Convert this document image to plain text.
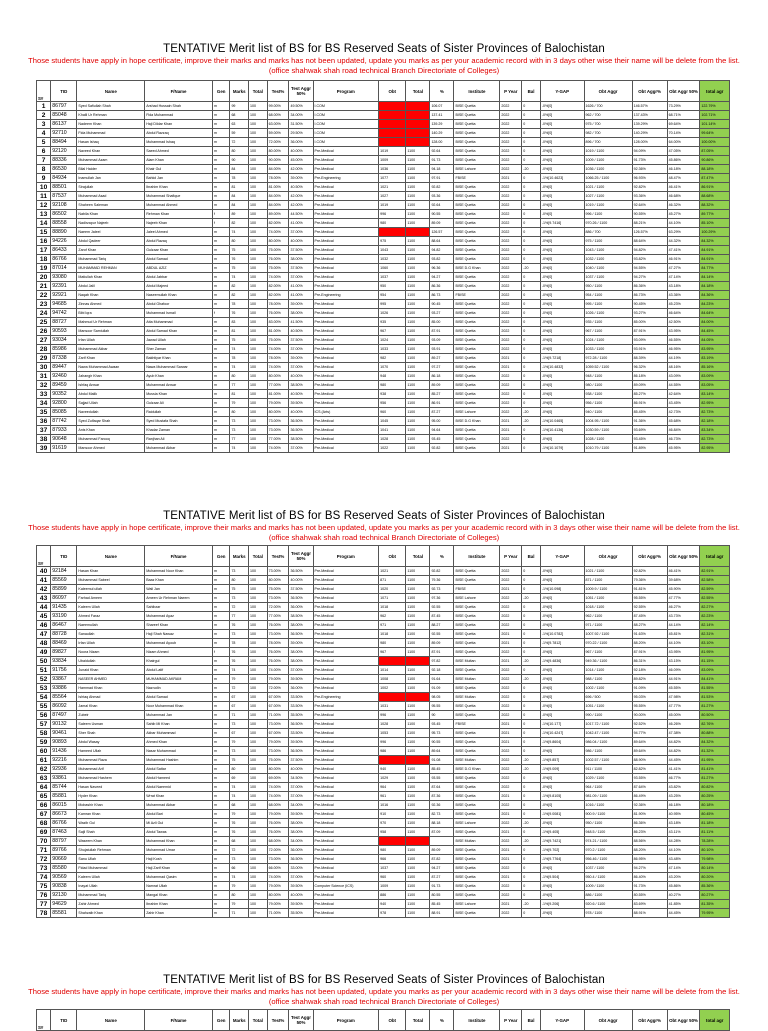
TENTATIVE Merit list of BS for BS Reserved Seats of Sister Provinces of Balochistan
Those students have apply in hope certificate, improve their marks and marks has not been updated, update you marks as per your academic record with in 3 days other wise their name will be delete from the list.
(office shahwak shah road technical Branch Directoriate of Colleges)
S#	TID	Name	F/Name	Gen	Marks	Total	Test%	Test Aggr 50%	Program	Obt	Total	%	Institute	P Year	Bal	Y-GAP	Obt Aggr	Obt Aggr%	Obt Aggr 50%	total agr
1	86797	Syed Safiullah Shah	Arshad Hussain Shah	m	99	100	99.00%	49.50%	I.COM			106.07	BISE Quetta	2022	0	-0%[0]	1626 / 700	146.57%	73.29%	122.79%
2	85048	Khalil Ur Rehman	Fida Muhammad	m	68	100	68.00%	34.00%	I.COM			137.41	BISE Quetta	2022	0	-0%[0]	962 / 700	137.43%	68.71%	102.71%
3	86137	Nadeem Khan	Haji Dildar Khan	m	63	100	63.00%	31.50%	I.COM			139.29	BISE Quetta	2022	0	-0%[0]	975 / 700	139.29%	69.64%	101.14%
4	92710	Fida Muhammad	Abdul Razzaq	m	59	100	59.00%	29.50%	I.COM			140.29	BISE Quetta	2022	0	-0%[0]	982 / 700	140.29%	70.14%	99.64%
5	88494	Hasan Ishaq	Muhammad Ishaq	m	72	100	72.00%	36.00%	I.COM			128.00	BISE Quetta	2022	0	-0%[0]	896 / 700	128.00%	64.00%	100.00%
6	92120	Naveed Khan	Saeed Ahmed	m	80	100	80.00%	40.00%	Pre-Medical	1019	1100	92.64	BISE Quetta	2022	0	-0%[0]	1019 / 1100	94.09%	47.05%	87.05%
7	88336	Muhammad Azam	Alam Khan	m	90	100	90.00%	45.00%	Pre-Medical	1009	1100	91.73	BISE Quetta	2022	0	-0%[0]	1009 / 1100	91.73%	45.86%	90.86%
8	86530	Bilal Haider	Khair Gul	m	84	100	84.00%	42.00%	Pre-Medical	1036	1100	94.18	BISE Lahore	2022	-20	-0%[0]	1036 / 1100	92.36%	46.18%	88.18%
9	84934	Inamullah Jan	Bahlol Jan	m	78	100	78.00%	39.00%	Pre-Engineering	1077	1100	97.91	FBISE	2021	0	-1%[10.4623]	1066.25 / 1100	96.93%	48.47%	87.47%
10	88501	Sirajullah	Ibrahim Khan	m	81	100	81.00%	40.50%	Pre-Medical	1021	1100	92.82	BISE Quetta	2022	0	-0%[0]	1021 / 1100	92.82%	46.41%	86.91%
11	87537	Muhammad Asad	Muhammad Shafique	m	84	100	84.00%	42.00%	Pre-Medical	1027	1100	93.36	BISE Quetta	2022	0	-0%[0]	1027 / 1100	93.36%	46.68%	88.68%
12	92108	Shaheen Saleman	Muhammad Ahmed	m	84	100	84.00%	42.00%	Pre-Medical	1019	1100	92.64	BISE Quetta	2022	0	-0%[0]	1019 / 1100	92.64%	46.32%	88.32%
13	86502	Nabila Khan	Rehman Khan	f	89	100	89.00%	44.50%	Pre-Medical	996	1100	90.55	BISE Quetta	2022	0	-0%[0]	996 / 1100	90.55%	45.27%	89.77%
14	88558	Nadirzapur Najeeb	Najeeb Khan	f	82	100	82.00%	41.00%	Pre-Medical	980	1100	89.09	BISE Quetta	2022	0	-1%[9.7416]	970.26 / 1100	88.21%	44.10%	85.10%
15	88890	Naeem Jaleel	Jaleel Ahmed	m	74	100	74.00%	37.00%	Pre-Medical			126.57	BISE Quetta	2022	0	-0%[0]	886 / 700	126.57%	63.29%	100.29%
16	94226	Abdul Qadeer	Abdul Razaq	m	80	100	80.00%	40.00%	Pre-Medical	975	1100	88.64	BISE Quetta	2022	0	-0%[0]	975 / 1100	88.64%	44.32%	84.32%
17	86433	Zarof Khan	Gulzaar Khan	m	75	100	75.00%	37.50%	Pre-Medical	1043	1100	94.82	BISE Quetta	2022	0	-0%[0]	1043 / 1100	94.82%	47.41%	84.91%
18	86766	Muhammad Tariq	Abdul Samad	m	76	100	76.00%	38.00%	Pre-Medical	1032	1100	93.82	BISE Quetta	2022	0	-0%[0]	1032 / 1100	93.82%	46.91%	84.91%
19	87014	MUHAMMAD REHMAN	ABDUL AZIZ	m	75	100	75.00%	37.50%	Pre-Medical	1060	1100	96.36	BISE D.G Khan	2022	-20	-0%[0]	1040 / 1100	94.55%	47.27%	84.77%
20	93080	Matiullah Khan	Abdul Jabbar	m	74	100	74.00%	37.00%	Pre-Medical	1037	1100	94.27	BISE Quetta	2022	0	-0%[0]	1037 / 1100	94.27%	47.14%	84.14%
21	92391	Abdul Jalil	Abdul Majeed	m	82	100	82.00%	41.00%	Pre-Medical	950	1100	86.36	BISE Quetta	2022	0	-0%[0]	950 / 1100	86.36%	43.18%	84.18%
22	92921	Naqab Khan	Naseemullah Khan	m	82	100	82.00%	41.00%	Pre-Engineering	954	1100	86.73	FBISE	2022	0	-0%[0]	954 / 1100	86.73%	43.36%	84.36%
23	94685	Zinnas Ahmed	Abdul Ghafoor	m	78	100	78.00%	39.00%	Pre-Medical	995	1100	90.45	BISE Quetta	2022	0	-0%[0]	995 / 1100	90.45%	45.23%	84.23%
24	94742	Bibi Iqra	Muhammad Ismail	f	76	100	76.00%	38.00%	Pre-Medical	1026	1100	93.27	BISE Quetta	2022	0	-0%[0]	1026 / 1100	93.27%	46.64%	84.64%
25	88727	Mahmud Ur Rehman	Atta Muhammad	m	83	100	83.00%	41.50%	Pre-Medical	935	1100	85.00	BISE Quetta	2022	0	-0%[0]	935 / 1100	85.00%	42.50%	84.00%
26	90593	Mansoor Samiullah	Abdul Samad Khan	m	81	100	81.00%	40.50%	Pre-Medical	967	1100	87.91	BISE Quetta	2022	0	-0%[0]	967 / 1100	87.91%	43.95%	84.45%
27	93034	Irfan Ullah	Jawad Ullah	m	75	100	75.00%	37.50%	Pre-Medical	1024	1100	93.09	BISE Quetta	2022	0	-0%[0]	1024 / 1100	93.09%	46.55%	84.05%
28	85986	Muhammad Akbar	Sher Zaman	m	74	100	74.00%	37.00%	Pre-Medical	1033	1100	93.91	BISE Quetta	2022	0	-0%[0]	1033 / 1100	93.91%	46.95%	83.95%
29	87338	Zarif Khan	Bakhtiyar Khan	m	78	100	78.00%	39.00%	Pre-Medical	982	1100	89.27	BISE Quetta	2021	0	-1%[9.7218]	972.28 / 1100	88.39%	44.19%	83.19%
30	89447	Nawa Muhammad Awaan	Nawa Muhammad Sarwar	m	74	100	74.00%	37.00%	Pre-Medical	1070	1100	97.27	BISE Quetta	2021	0	-1%[10.4832]	1059.52 / 1100	96.32%	48.16%	85.16%
31	92460	Jahangir Khan	Ayub Khan	m	80	100	80.00%	40.00%	Pre-Medical	948	1100	86.18	BISE Quetta	2022	0	-0%[0]	948 / 1100	86.18%	43.09%	83.09%
32	89459	Ishfaq Anwar	Muhammad Anwar	m	77	100	77.00%	38.50%	Pre-Medical	980	1100	89.09	BISE Quetta	2022	0	-0%[0]	980 / 1100	89.09%	44.55%	83.05%
33	90352	Abdul Malik	Mussia Khan	m	81	100	81.00%	40.50%	Pre-Medical	938	1100	85.27	BISE Quetta	2022	0	-0%[0]	938 / 1100	85.27%	42.64%	83.14%
34	92800	Sajjad Ullah	Gulzaar Ali	m	79	100	79.00%	39.50%	Pre-Medical	956	1100	86.91	BISE Quetta	2022	0	-0%[0]	956 / 1100	86.91%	43.45%	82.95%
35	85085	Naveedullah	Raidullah	m	80	100	80.00%	40.00%	ICS (Arts)	960	1100	87.27	BISE Lahore	2022	-20	-0%[0]	940 / 1100	85.45%	42.73%	82.73%
36	87742	Syed Zulfaqar Shah	Syed Mustafa Shah	m	73	100	73.00%	36.50%	Pre-Medical	1045	1100	95.00	BISE D.G Khan	2021	-20	-1%[10.0465]	1004.95 / 1100	91.36%	45.68%	82.18%
37	87933	Anis Khan	Khadar Zaman	m	73	100	73.00%	36.50%	Pre-Medical	1041	1100	94.64	BISE Quetta	2021	0	-1%[10.4136]	1030.59 / 1100	93.69%	46.84%	83.34%
38	90648	Muhammad Farooq	Ranjhan Ali	m	77	100	77.00%	38.50%	Pre-Medical	1028	1100	93.45	BISE Quetta	2022	0	-0%[0]	1028 / 1100	93.45%	46.73%	82.73%
39	91619	Mansoor Ahmed	Muhammad Akbar	m	74	100	74.00%	37.00%	Pre-Medical	1022	1100	92.82	BISE Quetta	2021	0	-1%[10.1079]	1010.79 / 1100	91.89%	45.95%	82.95%
TENTATIVE Merit list of BS for BS Reserved Seats of Sister Provinces of Balochistan
Those students have apply in hope certificate, improve their marks and marks has not been updated, update you marks as per your academic record with in 3 days other wise their name will be delete from the list.
(office shahwak shah road technical Branch Directoriate of Colleges)
S#	TID	Name	F/Name	Gen	Marks	Total	Test%	Test Aggr 50%	Program	Obt	Total	%	Institute	P Year	Bal	Y-GAP	Obt Aggr	Obt Aggr%	Obt Aggr 50%	total agr
40	92184	Hasan Khan	Muhammad Noor Khan	m	73	100	73.00%	36.50%	Pre-Medical	1021	1100	92.82	BISE Quetta	2022	0	-0%[0]	1021 / 1100	92.82%	46.41%	82.91%
41	85569	Muhammad Sabeel	Baaz Khan	m	80	100	80.00%	40.00%	Pre-Medical	871	1100	79.36	BISE Quetta	2022	0	-0%[0]	871 / 1100	79.36%	39.68%	82.58%
42	85899	Kaleemul ullah	Wali Jan	m	75	100	75.00%	37.50%	Pre-Medical	1020	1100	92.73	FBISE	2021	0	-1%[10.098]	1009.9 / 1100	91.81%	45.90%	82.59%
43	86097	Farhad Ameen	Ameen Ur Rehman Naeem	m	73	100	73.00%	36.50%	Pre-Medical	1071	1100	97.36	BISE Lahore	2022	-20	-0%[0]	1051 / 1100	95.55%	47.77%	82.55%
44	91435	Kaleem Ullah	Sahibzar	m	72	100	72.00%	36.00%	Pre-Medical	1018	1100	92.55	BISE Quetta	2022	0	-0%[0]	1018 / 1100	92.55%	46.27%	82.27%
45	93190	Ahmed Faraz	Muhammad Ayaz	m	77	100	77.00%	38.50%	Pre-Medical	962	1100	87.45	BISE Quetta	2022	0	-0%[0]	962 / 1100	87.45%	43.73%	82.23%
46	86467	Naeemullah	Shareef Khan	m	76	100	76.00%	38.00%	Pre-Medical	971	1100	88.27	BISE Quetta	2022	0	-0%[0]	971 / 1100	88.27%	44.14%	82.14%
47	88728	Sanaullah	Haji Shah Nawaz	m	73	100	73.00%	36.50%	Pre-Medical	1018	1100	92.55	BISE Quetta	2021	0	-1%[10.0782]	1007.92 / 1100	91.63%	45.81%	82.31%
48	88469	Irfan Ullah	Muhammad Ayoub	m	78	100	78.00%	39.00%	Pre-Medical	980	1100	89.09	BISE Quetta	2021	0	-1%[9.7812]	970.22 / 1100	88.20%	44.10%	83.10%
49	89827	Noora Nizam	Nizam Ahmed	f	76	100	76.00%	38.00%	Pre-Medical	967	1100	87.91	BISE Quetta	2022	0	-0%[0]	967 / 1100	87.91%	43.95%	81.95%
50	93834	Ubaidullah	Khairgul	m	76	100	76.00%	38.00%	Pre-Medical			97.82	BISE Multan	2021	-20	-1%[9.4836]	949.36 / 1100	86.31%	43.15%	81.15%
51	91756	Junaid Khan	Abdul Latif	m	74	100	74.00%	37.00%	Pre-Medical	1014	1100	92.18	BISE Quetta	2022	0	-0%[0]	1014 / 1100	92.18%	46.09%	83.09%
52	93867	NASEER AHMED	MUHAMMAD AKRAM	m	79	100	79.00%	39.50%	Pre-Medical	1008	1100	91.64	BISE Multan	2022	-20	-0%[0]	988 / 1100	89.82%	44.91%	84.41%
53	93886	Hammad Khan	Nazrudin	m	72	100	72.00%	36.00%	Pre-Medical	1002	1100	91.09	BISE Quetta	2022	0	-0%[0]	1002 / 1100	91.09%	45.55%	81.55%
54	85564	Ishtaq Ahmad	Abdul Samad	m	67	100	67.00%	33.50%	Pre-Engineering			98.05	BISE Multan	2022	0	-0%[0]	696 / 500	95.03%	47.98%	81.53%
55	86092	Jamal Khan	Noor Muhammad Khan	m	67	100	67.00%	33.50%	Pre-Medical	1031	1100	95.55	BISE Quetta	2022	0	-0%[0]	1051 / 1100	95.55%	47.77%	81.27%
56	87497	Zubeir	Muhammad Jan	m	71	100	71.00%	35.50%	Pre-Medical	996	1100	90	BISE Quetta	2022	0	-0%[0]	990 / 1100	90.00%	45.00%	80.50%
57	90132	Saleem Usman	Sahib Mi Khan	m	73	100	73.00%	36.50%	Pre-Medical	1028	1100	93.45	FBISE	2021	0	-1%[10.177]	1017.72 / 1100	92.52%	46.26%	82.76%
58	90461	Sher Shah	Akbar Muhammad	m	67	100	67.00%	33.50%	Pre-Medical	1053	1100	95.73	BISE Quetta	2021	0	-1%[10.4247]	1042.47 / 1100	94.77%	47.38%	80.88%
59	90893	Abdul Wasay	Ahmed Khan	m	79	100	79.00%	39.50%	Pre-Medical	996	1100	90.55	BISE Quetta	2021	0	-1%[9.8604]	986.04 / 1100	89.64%	44.82%	84.32%
60	91436	Hameed Ullah	Nasar Muhammad	m	73	100	73.00%	36.50%	Pre-Medical	986	1100	89.64	BISE Quetta	2022	0	-0%[0]	986 / 1100	89.64%	44.82%	81.32%
61	92216	Muhammad Raza	Muhammad Hashim	m	75	100	75.00%	37.50%	Pre-Medical			91.08	BISE Multan	2022	-20	-1%[9.857]	1002.57 / 1100	88.90%	44.45%	81.95%
62	92936	Muhammad Arif	Abdul Sattar	m	80	100	80.00%	40.00%	Pre-Medical	940	1100	85.45	BISE D.G Khan	2022	-20	-1%[9.009]	911 / 1100	82.82%	41.41%	81.41%
63	93861	Muhammad Hashem	Abdul Hameed	m	69	100	69.00%	34.50%	Pre-Medical	1029	1100	93.55	BISE Quetta	2022	0	-0%[0]	1029 / 1100	93.55%	46.77%	81.27%
64	85744	Hasan Naveed	Abdul Naeemid	m	74	100	74.00%	37.00%	Pre-Medical	964	1100	87.64	BISE Quetta	2022	0	-0%[0]	964 / 1100	87.64%	43.82%	80.82%
65	85881	Hyder Khan	Wrrat Khan	m	74	100	74.00%	37.00%	Pre-Medical	961	1100	87.36	BISE Quetta	2021	0	-1%[9.8105]	981.09 / 1100	86.49%	43.25%	80.25%
66	86015	Mobashir Khan	Muhammad Akbar	m	68	100	68.00%	34.00%	Pre-Medical	1016	1100	92.36	BISE Quetta	2022	0	-0%[0]	1016 / 1100	92.36%	46.18%	80.18%
67	86673	Kamran Khan	Abdul Bari	m	79	100	79.00%	39.50%	Pre-Medical	910	1100	82.73	BISE Quetta	2021	0	-1%[9.0081]	900.9 / 1100	81.90%	40.95%	80.45%
68	86766	Wazib Gul	Mi Azli Gul	m	76	100	76.00%	38.00%	Pre-Medical	970	1100	88.18	BISE Lahore	2022	-20	-0%[0]	950 / 1100	86.36%	43.18%	81.18%
69	87463	Sajil Shah	Abdul Tawas	m	76	100	76.00%	38.00%	Pre-Medical	958	1100	87.09	BISE Quetta	2021	0	-1%[9.405]	948.5 / 1100	86.23%	43.11%	81.11%
70	88797	Waseem Khan	Muhammad Khan	m	68	100	68.00%	34.00%	Pre-Medical				BISE Multan	2022	-20	-1%[9.7421]	974.21 / 1100	88.56%	44.28%	78.28%
71	89766	Shujatullah Rehman	Muhammad Umar	m	72	100	72.00%	36.00%	Pre-Medical	980	1100	89.09	BISE Quetta	2021	0	-1%[9.702]	970.2 / 1100	88.20%	44.10%	80.10%
72	90669	Sanu Ullah	Haji Kosh	m	73	100	73.00%	36.50%	Pre-Medical	966	1100	87.82	BISE Quetta	2021	0	-1%[9.7764]	956.46 / 1100	86.95%	43.48%	79.98%
73	85580	Fidad Muhammad	Haji Zarif Khan	m	66	100	66.00%	33.00%	Pre-Medical	1037	1100	94.27	BISE Quetta	2022	0	-0%[0]	1037 / 1100	94.27%	47.14%	80.14%
74	90569	Kaleem Ullah	Muhammad Qasim	m	74	100	74.00%	37.00%	Pre-Medical	960	1100	87.27	BISE Quetta	2021	0	-1%[9.504]	950.4 / 1100	86.40%	43.20%	80.20%
75	90838	Inayat Ullah	Namrat Ullah	m	79	100	79.00%	39.50%	Computer Science (ICS)	1009	1100	91.73	BISE Quetta	2022	0	-0%[0]	1009 / 1100	91.73%	45.86%	85.36%
76	92130	Muhammad Tariq	Mangal Khan	m	80	100	80.00%	40.00%	Pre-Medical	886	1100	80.55	BISE Quetta	2022	0	-0%[0]	886 / 1100	80.55%	40.27%	80.27%
77	94629	Zahir Ahmed	Ibrahim Khan	m	79	100	79.00%	39.50%	Pre-Medical	940	1100	85.45	BISE Lahore	2021	-20	-1%[9.206]	920.6 / 1100	83.69%	41.85%	81.35%
78	85581	Shahzaib Khan	Zahir Khan	m	71	100	71.00%	35.50%	Pre-Medical	978	1100	88.91	BISE Quetta	2022	0	-0%[0]	978 / 1100	88.91%	44.45%	79.95%
TENTATIVE Merit list of BS for BS Reserved Seats of Sister Provinces of Balochistan
Those students have apply in hope certificate, improve their marks and marks has not been updated, update you marks as per your academic record with in 3 days other wise their name will be delete from the list.
(office shahwak shah road technical Branch Directoriate of Colleges)
S#	TID	Name	F/Name	Gen	Marks	Total	Test%	Test Aggr 50%	Program	Obt	Total	%	Institute	P Year	Bal	Y-GAP	Obt Aggr	Obt Aggr%	Obt Aggr 50%	total agr
